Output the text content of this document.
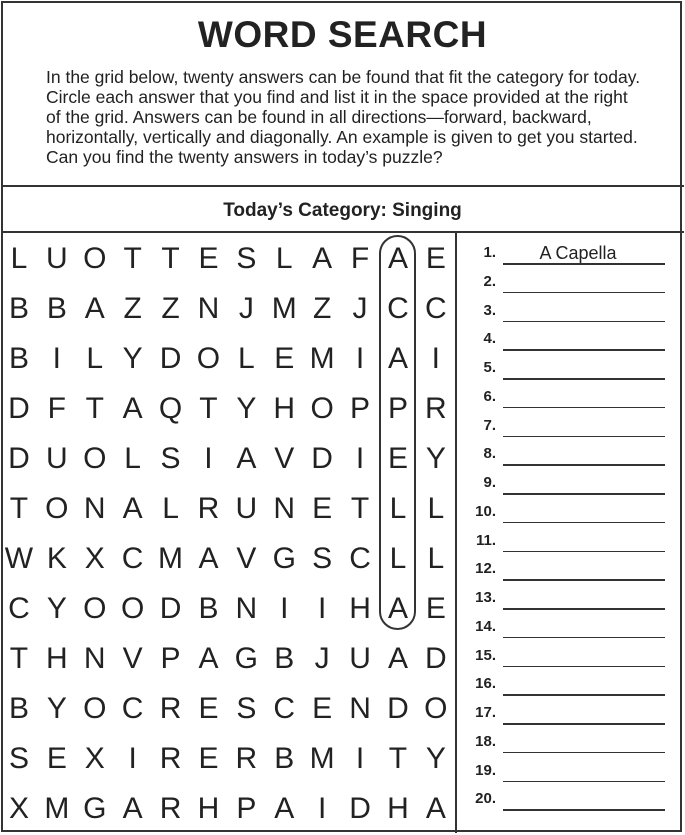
WORD SEARCH
In the grid below, twenty answers can be found that fit the category for today. Circle each answer that you find and list it in the space provided at the right of the grid. Answers can be found in all directions—forward, backward, horizontally, vertically and diagonally. An example is given to get you started. Can you find the twenty answers in today’s puzzle?
Today’s Category: Singing
L U O T T E S L A F A E
B B A Z Z N J M Z J C C
B I L Y D O L E M I A I
D F T A Q T Y H O P P R
D U O L S I A V D I E Y
T O N A L R U N E T L L
W K X C M A V G S C L L
C Y O O D B N I I H A E
T H N V P A G B J U A D
B Y O C R E S C E N D O
S E X I R E R B M I T Y
X M G A R H P A I D H A
1.	A Capella
2.
3.
4.
5.
6.
7.
8.
9.
10.
11.
12.
13.
14.
15.
16.
17.
18.
19.
20.
